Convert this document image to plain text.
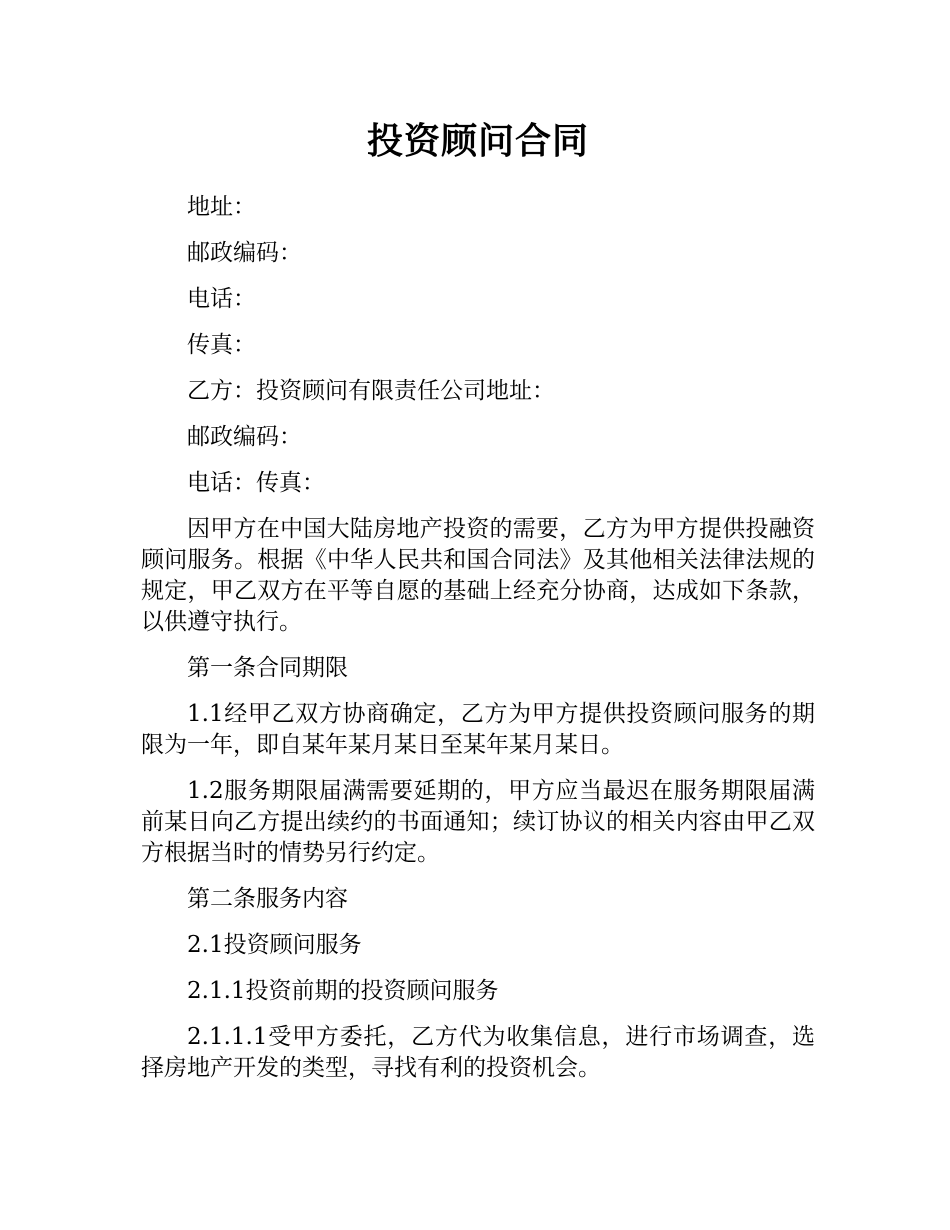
投资顾问合同

地址：

邮政编码：

电话：

传真：

乙方：投资顾问有限责任公司地址：

邮政编码：

电话：传真：

因甲方在中国大陆房地产投资的需要，乙方为甲方提供投融资顾问服务。根据《中华人民共和国合同法》及其他相关法律法规的规定，甲乙双方在平等自愿的基础上经充分协商，达成如下条款，以供遵守执行。

第一条合同期限

1.1经甲乙双方协商确定，乙方为甲方提供投资顾问服务的期限为一年，即自某年某月某日至某年某月某日。

1.2服务期限届满需要延期的，甲方应当最迟在服务期限届满前某日向乙方提出续约的书面通知；续订协议的相关内容由甲乙双方根据当时的情势另行约定。

第二条服务内容

2.1投资顾问服务

2.1.1投资前期的投资顾问服务

2.1.1.1受甲方委托，乙方代为收集信息，进行市场调查，选择房地产开发的类型，寻找有利的投资机会。
